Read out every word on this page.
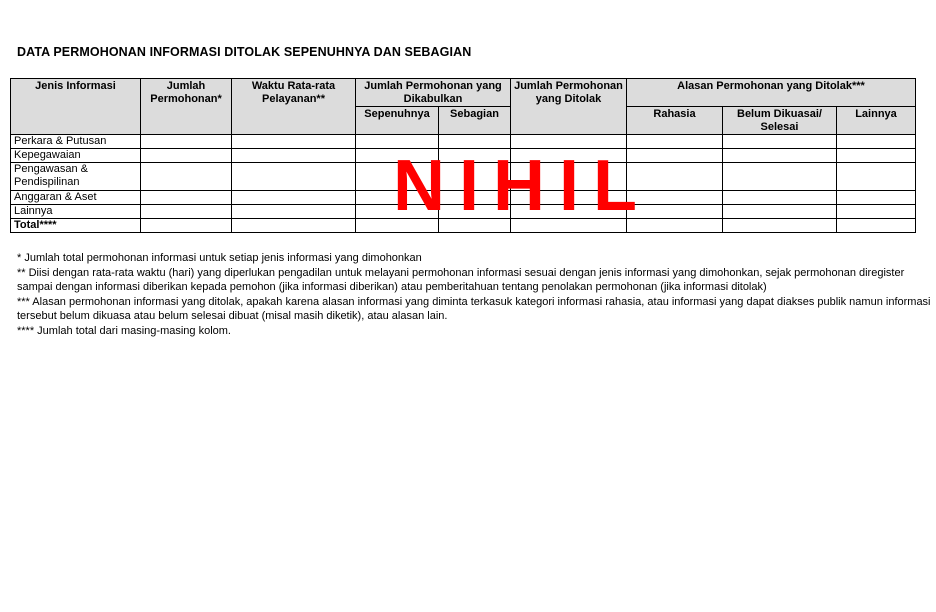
DATA PERMOHONAN INFORMASI DITOLAK SEPENUHNYA DAN SEBAGIAN
Jenis Informasi	Jumlah Permohonan*	Waktu Rata-rata Pelayanan**	Jumlah Permohonan yang Dikabulkan		Jumlah Permohonan yang Ditolak	Alasan Permohonan yang Ditolak***		
			Sepenuhnya	Sebagian		Rahasia	Belum Dikuasai/ Selesai	Lainnya
Perkara & Putusan								
Kepegawaian								
Pengawasan & Pendispilinan								
Anggaran & Aset								
Lainnya								
Total****									NIHIL

* Jumlah total permohonan informasi untuk setiap jenis informasi yang dimohonkan

** Diisi dengan rata-rata waktu (hari) yang diperlukan pengadilan untuk melayani permohonan informasi sesuai dengan jenis informasi yang dimohonkan, sejak permohonan diregister sampai dengan informasi diberikan kepada pemohon (jika informasi diberikan) atau pemberitahuan tentang penolakan permohonan (jika informasi ditolak)

*** Alasan permohonan informasi yang ditolak, apakah karena alasan informasi yang diminta terkasuk kategori informasi rahasia, atau informasi yang dapat diakses publik namun informasi tersebut belum dikuasa atau belum selesai dibuat (misal masih diketik), atau alasan lain.

**** Jumlah total dari masing-masing kolom.
